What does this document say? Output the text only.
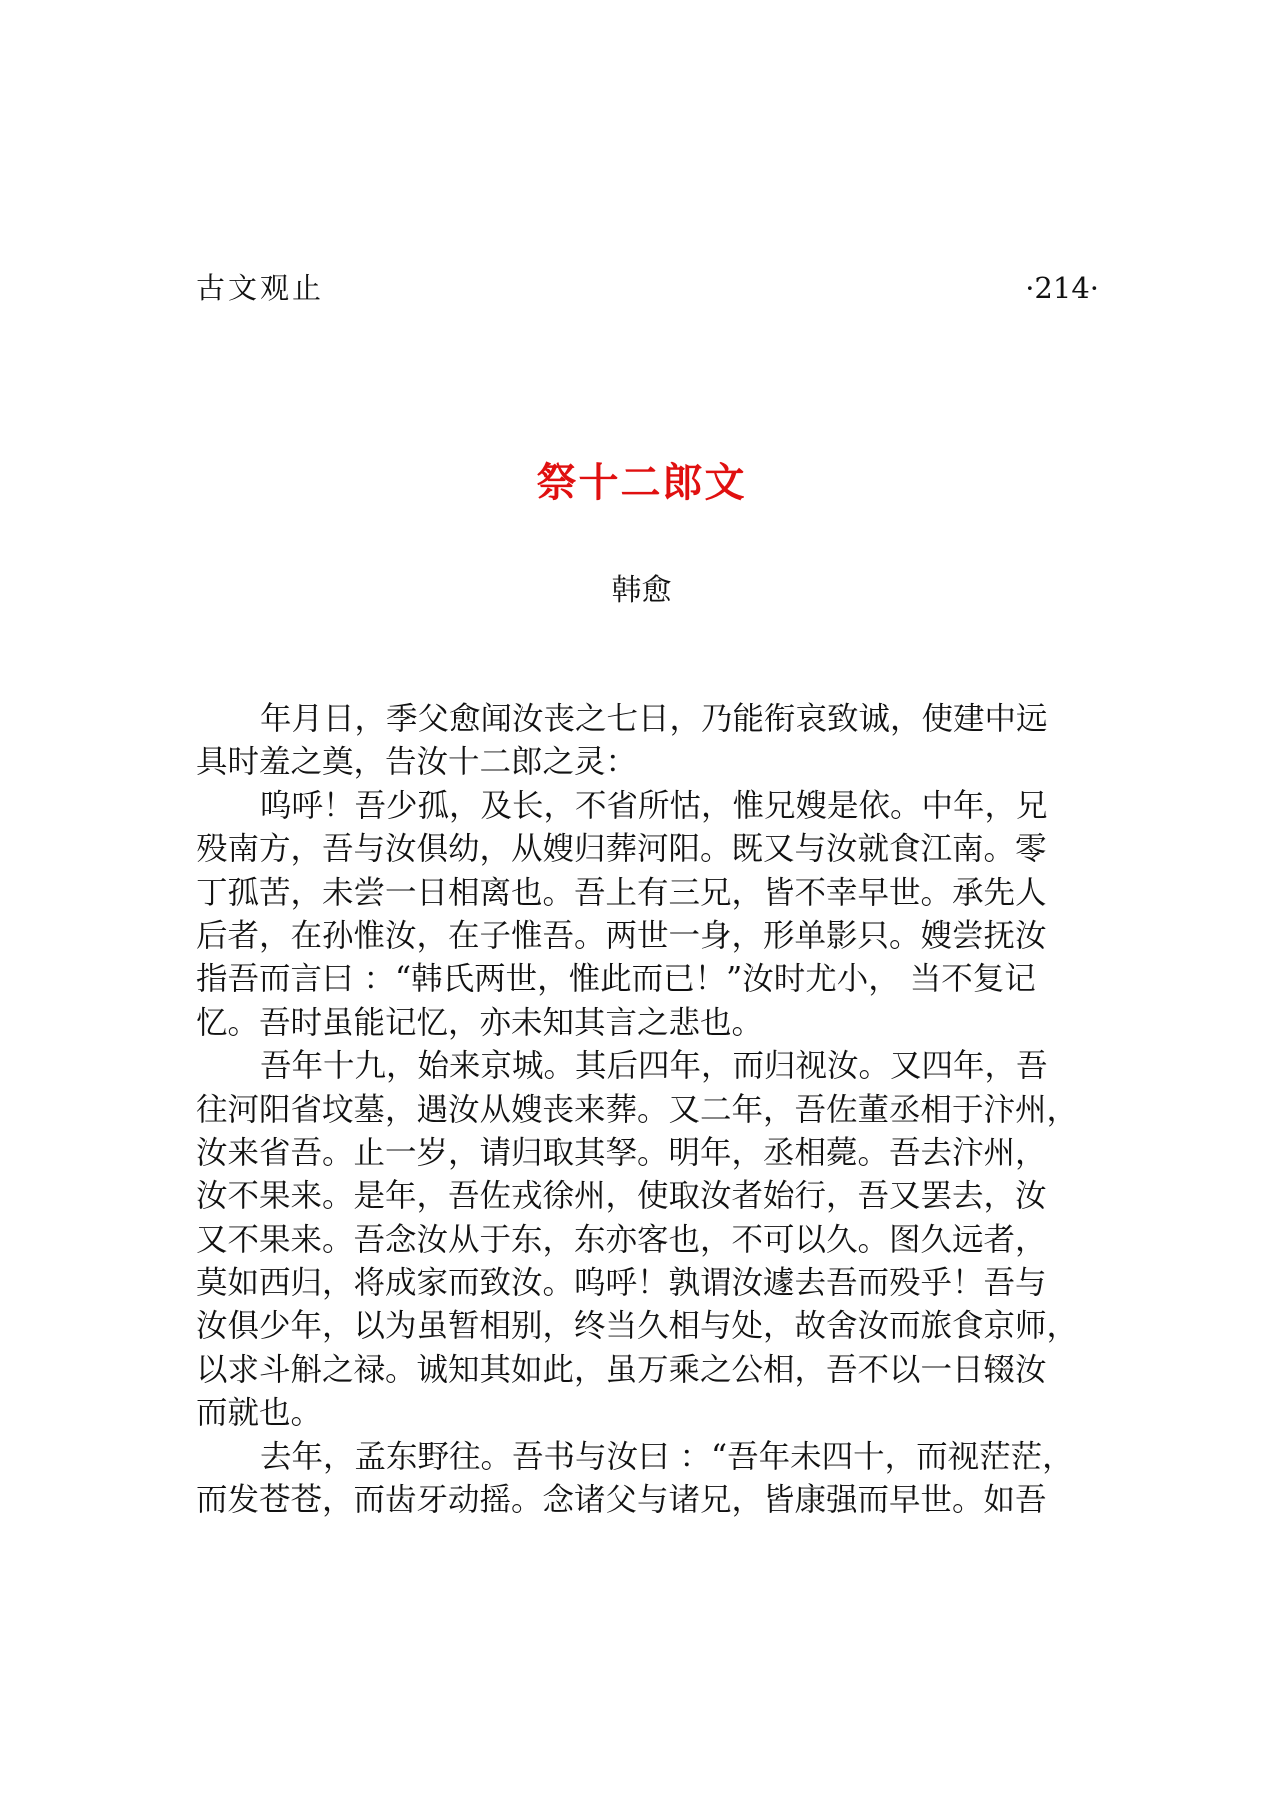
古文观止	·214·
祭十二郎文
韩愈
年月日，季父愈闻汝丧之七日，乃能衔哀致诚，使建中远
具时羞之奠，告汝十二郎之灵：
呜呼！吾少孤，及长，不省所怙，惟兄嫂是依。中年，兄
殁南方，吾与汝俱幼，从嫂归葬河阳。既又与汝就食江南。零
丁孤苦，未尝一日相离也。吾上有三兄，皆不幸早世。承先人
后者，在孙惟汝，在子惟吾。两世一身，形单影只。嫂尝抚汝
指吾而言曰 ：“韩氏两世，惟此而已！”汝时尤小， 当不复记
忆。吾时虽能记忆，亦未知其言之悲也。
吾年十九，始来京城。其后四年，而归视汝。又四年，吾
往河阳省坟墓，遇汝从嫂丧来葬。又二年，吾佐董丞相于汴州，
汝来省吾。止一岁，请归取其孥。明年，丞相薨。吾去汴州，
汝不果来。是年，吾佐戎徐州，使取汝者始行，吾又罢去，汝
又不果来。吾念汝从于东，东亦客也，不可以久。图久远者，
莫如西归，将成家而致汝。呜呼！孰谓汝遽去吾而殁乎！吾与
汝俱少年，以为虽暂相别，终当久相与处，故舍汝而旅食京师，
以求斗斛之禄。诚知其如此，虽万乘之公相，吾不以一日辍汝
而就也。
去年，孟东野往。吾书与汝曰 ：“吾年未四十，而视茫茫，
而发苍苍，而齿牙动摇。念诸父与诸兄，皆康强而早世。如吾
